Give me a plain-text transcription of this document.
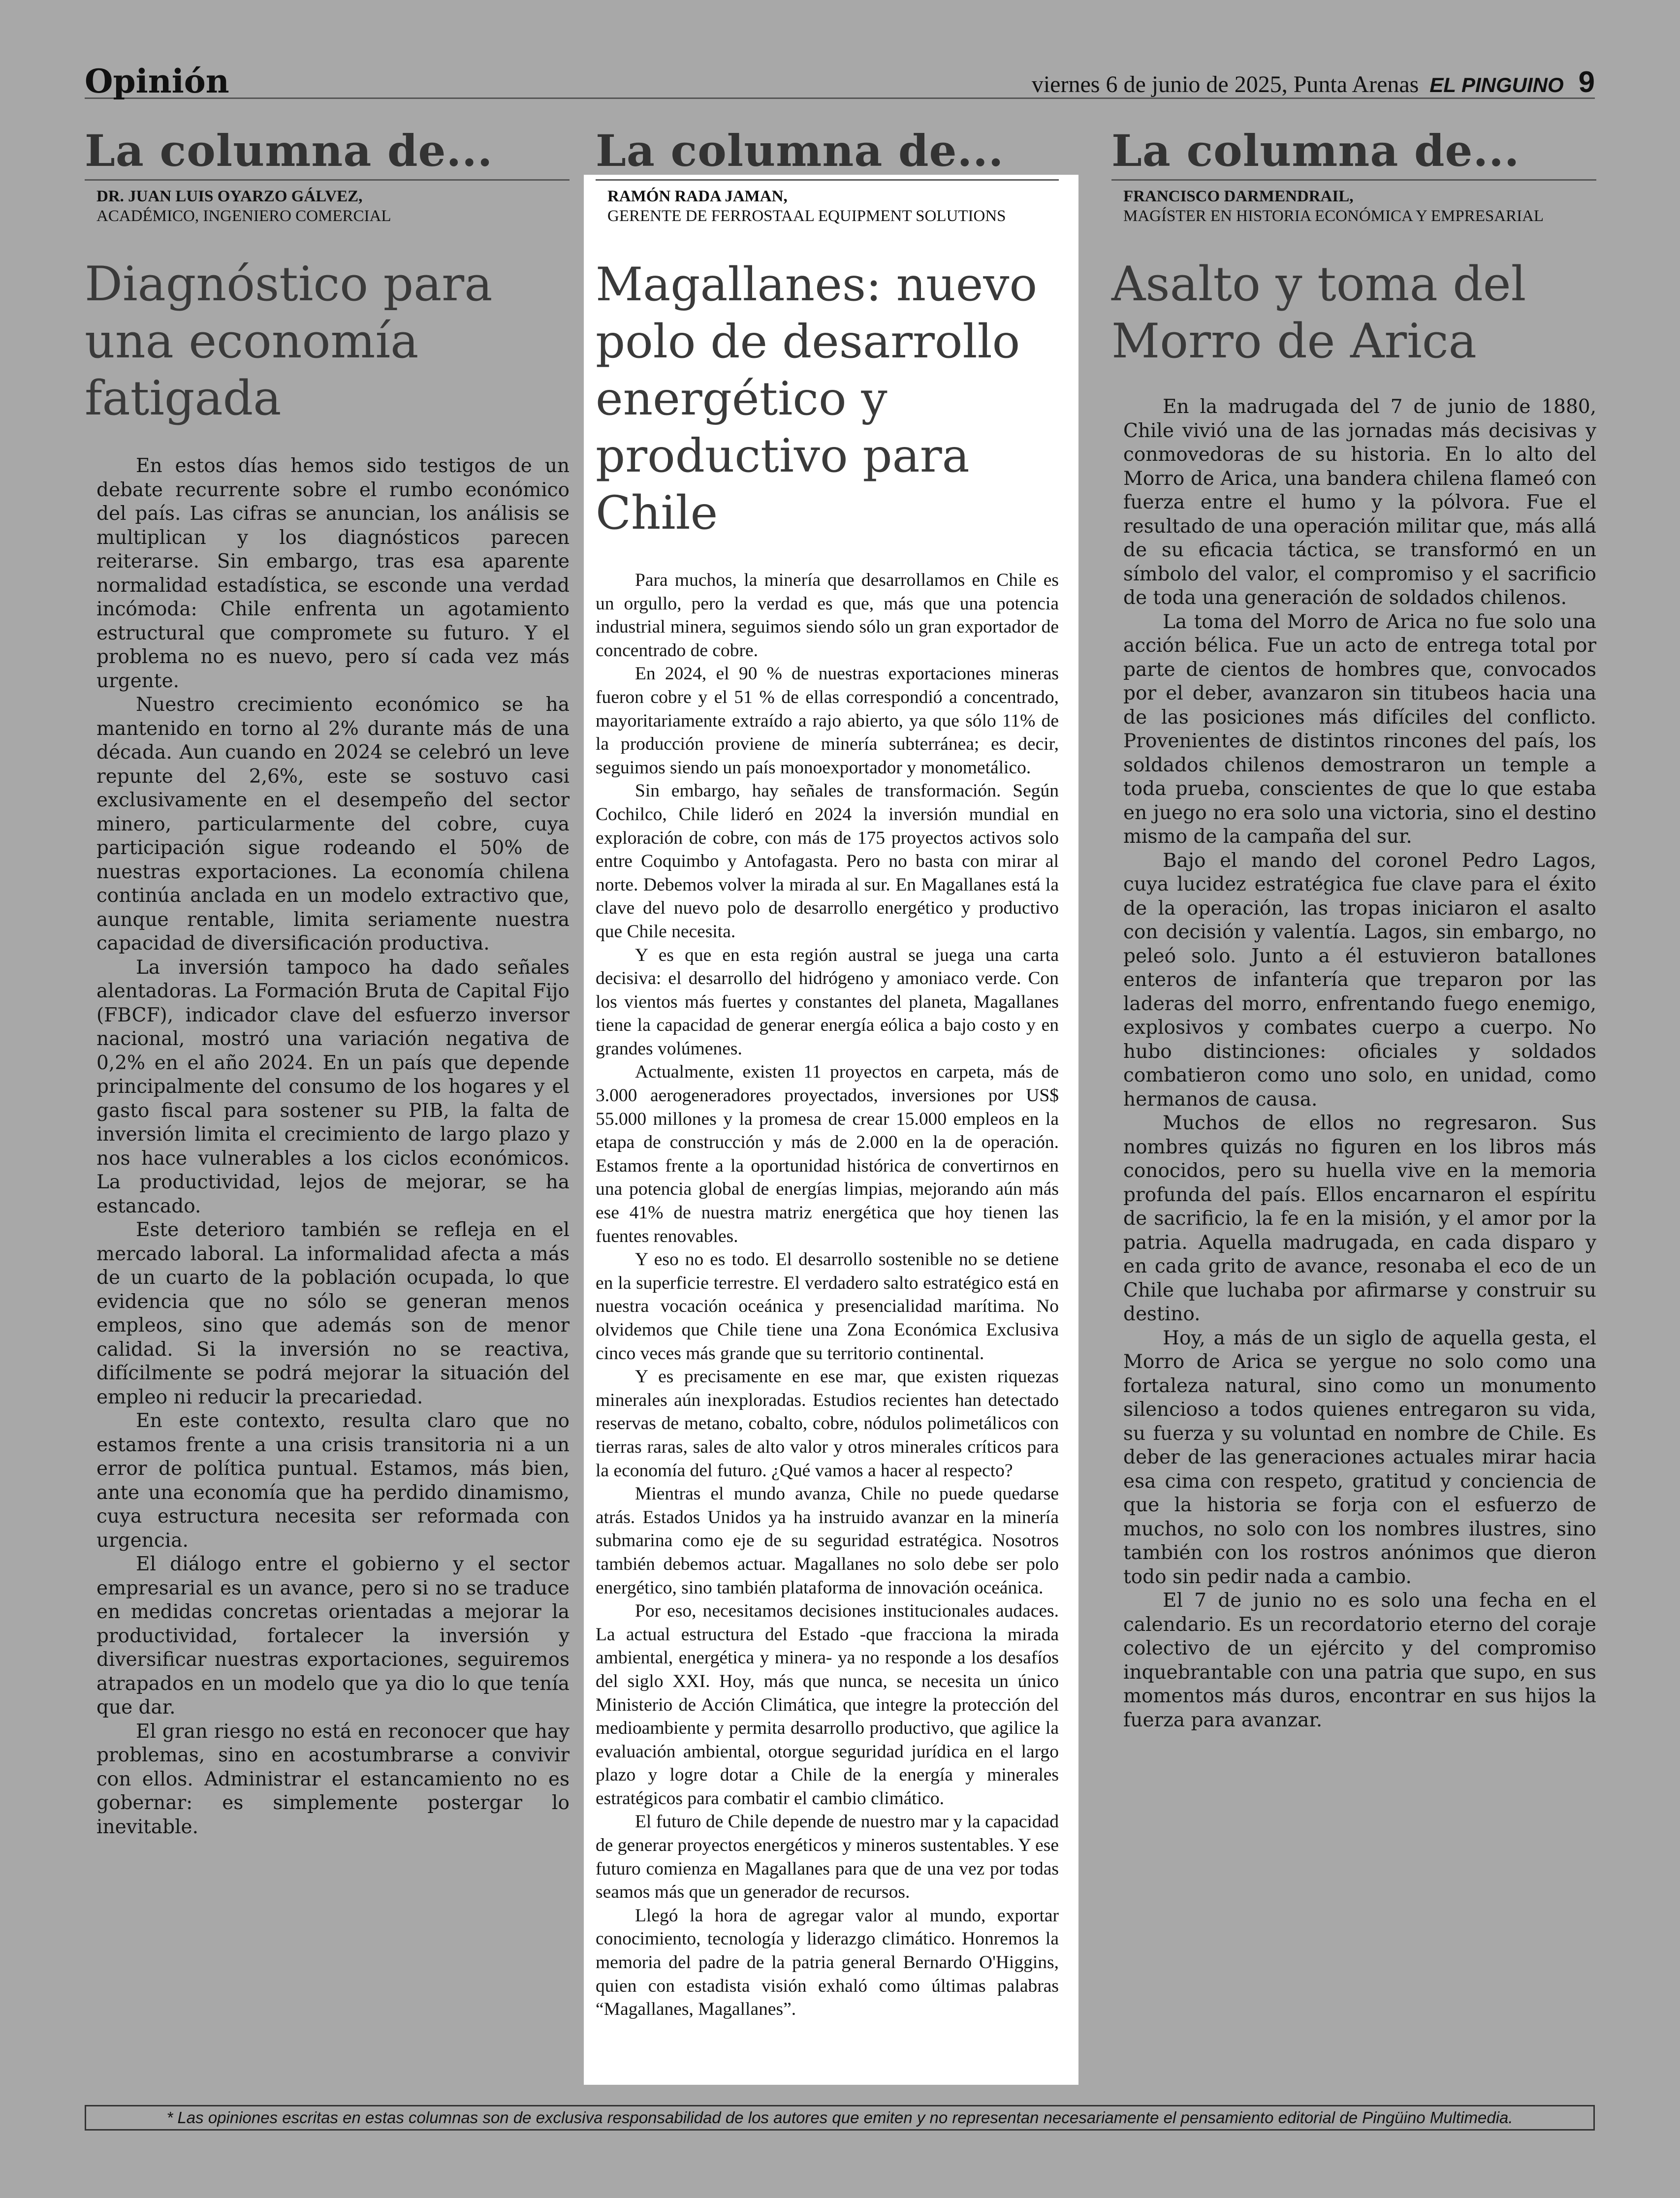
Opinión	viernes 6 de junio de 2025, Punta Arenas EL PINGUINO 9
La columna de...
DR. JUAN LUIS OYARZO GÁLVEZ,
ACADÉMICO, INGENIERO COMERCIAL
Diagnóstico para una economía fatigada

En estos días hemos sido testigos de un debate recurrente sobre el rumbo económico del país. Las cifras se anuncian, los análisis se multiplican y los diagnósticos parecen reiterarse. Sin embargo, tras esa aparente normalidad estadística, se esconde una verdad incómoda: Chile enfrenta un agotamiento estructural que compromete su futuro. Y el problema no es nuevo, pero sí cada vez más urgente.

Nuestro crecimiento económico se ha mantenido en torno al 2% durante más de una década. Aun cuando en 2024 se celebró un leve repunte del 2,6%, este se sostuvo casi exclusivamente en el desempeño del sector minero, particularmente del cobre, cuya participación sigue rodeando el 50% de nuestras exportaciones. La economía chilena continúa anclada en un modelo extractivo que, aunque rentable, limita seriamente nuestra capacidad de diversificación productiva.

La inversión tampoco ha dado señales alentadoras. La Formación Bruta de Capital Fijo (FBCF), indicador clave del esfuerzo inversor nacional, mostró una variación negativa de 0,2% en el año 2024. En un país que depende principalmente del consumo de los hogares y el gasto fiscal para sostener su PIB, la falta de inversión limita el crecimiento de largo plazo y nos hace vulnerables a los ciclos económicos. La productividad, lejos de mejorar, se ha estancado.

Este deterioro también se refleja en el mercado laboral. La informalidad afecta a más de un cuarto de la población ocupada, lo que evidencia que no sólo se generan menos empleos, sino que además son de menor calidad. Si la inversión no se reactiva, difícilmente se podrá mejorar la situación del empleo ni reducir la precariedad.

En este contexto, resulta claro que no estamos frente a una crisis transitoria ni a un error de política puntual. Estamos, más bien, ante una economía que ha perdido dinamismo, cuya estructura necesita ser reformada con urgencia.

El diálogo entre el gobierno y el sector empresarial es un avance, pero si no se traduce en medidas concretas orientadas a mejorar la productividad, fortalecer la inversión y diversificar nuestras exportaciones, seguiremos atrapados en un modelo que ya dio lo que tenía que dar.

El gran riesgo no está en reconocer que hay problemas, sino en acostumbrarse a convivir con ellos. Administrar el estancamiento no es gobernar: es simplemente postergar lo inevitable.

La columna de...
RAMÓN RADA JAMAN,
GERENTE DE FERROSTAAL EQUIPMENT SOLUTIONS
Magallanes: nuevo polo de desarrollo energético y productivo para Chile

Para muchos, la minería que desarrollamos en Chile es un orgullo, pero la verdad es que, más que una potencia industrial minera, seguimos siendo sólo un gran exportador de concentrado de cobre.

En 2024, el 90 % de nuestras exportaciones mineras fueron cobre y el 51 % de ellas correspondió a concentrado, mayoritariamente extraído a rajo abierto, ya que sólo 11% de la producción proviene de minería subterránea; es decir, seguimos siendo un país monoexportador y monometálico.

Sin embargo, hay señales de transformación. Según Cochilco, Chile lideró en 2024 la inversión mundial en exploración de cobre, con más de 175 proyectos activos solo entre Coquimbo y Antofagasta. Pero no basta con mirar al norte. Debemos volver la mirada al sur. En Magallanes está la clave del nuevo polo de desarrollo energético y productivo que Chile necesita.

Y es que en esta región austral se juega una carta decisiva: el desarrollo del hidrógeno y amoniaco verde. Con los vientos más fuertes y constantes del planeta, Magallanes tiene la capacidad de generar energía eólica a bajo costo y en grandes volúmenes.

Actualmente, existen 11 proyectos en carpeta, más de 3.000 aerogeneradores proyectados, inversiones por US$ 55.000 millones y la promesa de crear 15.000 empleos en la etapa de construcción y más de 2.000 en la de operación. Estamos frente a la oportunidad histórica de convertirnos en una potencia global de energías limpias, mejorando aún más ese 41% de nuestra matriz energética que hoy tienen las fuentes renovables.

Y eso no es todo. El desarrollo sostenible no se detiene en la superficie terrestre. El verdadero salto estratégico está en nuestra vocación oceánica y presencialidad marítima. No olvidemos que Chile tiene una Zona Económica Exclusiva cinco veces más grande que su territorio continental.

Y es precisamente en ese mar, que existen riquezas minerales aún inexploradas. Estudios recientes han detectado reservas de metano, cobalto, cobre, nódulos polimetálicos con tierras raras, sales de alto valor y otros minerales críticos para la economía del futuro. ¿Qué vamos a hacer al respecto?

Mientras el mundo avanza, Chile no puede quedarse atrás. Estados Unidos ya ha instruido avanzar en la minería submarina como eje de su seguridad estratégica. Nosotros también debemos actuar. Magallanes no solo debe ser polo energético, sino también plataforma de innovación oceánica.

Por eso, necesitamos decisiones institucionales audaces. La actual estructura del Estado -que fracciona la mirada ambiental, energética y minera- ya no responde a los desafíos del siglo XXI. Hoy, más que nunca, se necesita un único Ministerio de Acción Climática, que integre la protección del medioambiente y permita desarrollo productivo, que agilice la evaluación ambiental, otorgue seguridad jurídica en el largo plazo y logre dotar a Chile de la energía y minerales estratégicos para combatir el cambio climático.

El futuro de Chile depende de nuestro mar y la capacidad de generar proyectos energéticos y mineros sustentables. Y ese futuro comienza en Magallanes para que de una vez por todas seamos más que un generador de recursos.

Llegó la hora de agregar valor al mundo, exportar conocimiento, tecnología y liderazgo climático. Honremos la memoria del padre de la patria general Bernardo O'Higgins, quien con estadista visión exhaló como últimas palabras “Magallanes, Magallanes”.

La columna de...
FRANCISCO DARMENDRAIL,
MAGÍSTER EN HISTORIA ECONÓMICA Y EMPRESARIAL
Asalto y toma del Morro de Arica

En la madrugada del 7 de junio de 1880, Chile vivió una de las jornadas más decisivas y conmovedoras de su historia. En lo alto del Morro de Arica, una bandera chilena flameó con fuerza entre el humo y la pólvora. Fue el resultado de una operación militar que, más allá de su eficacia táctica, se transformó en un símbolo del valor, el compromiso y el sacrificio de toda una generación de soldados chilenos.

La toma del Morro de Arica no fue solo una acción bélica. Fue un acto de entrega total por parte de cientos de hombres que, convocados por el deber, avanzaron sin titubeos hacia una de las posiciones más difíciles del conflicto. Provenientes de distintos rincones del país, los soldados chilenos demostraron un temple a toda prueba, conscientes de que lo que estaba en juego no era solo una victoria, sino el destino mismo de la campaña del sur.

Bajo el mando del coronel Pedro Lagos, cuya lucidez estratégica fue clave para el éxito de la operación, las tropas iniciaron el asalto con decisión y valentía. Lagos, sin embargo, no peleó solo. Junto a él estuvieron batallones enteros de infantería que treparon por las laderas del morro, enfrentando fuego enemigo, explosivos y combates cuerpo a cuerpo. No hubo distinciones: oficiales y soldados combatieron como uno solo, en unidad, como hermanos de causa.

Muchos de ellos no regresaron. Sus nombres quizás no figuren en los libros más conocidos, pero su huella vive en la memoria profunda del país. Ellos encarnaron el espíritu de sacrificio, la fe en la misión, y el amor por la patria. Aquella madrugada, en cada disparo y en cada grito de avance, resonaba el eco de un Chile que luchaba por afirmarse y construir su destino.

Hoy, a más de un siglo de aquella gesta, el Morro de Arica se yergue no solo como una fortaleza natural, sino como un monumento silencioso a todos quienes entregaron su vida, su fuerza y su voluntad en nombre de Chile. Es deber de las generaciones actuales mirar hacia esa cima con respeto, gratitud y conciencia de que la historia se forja con el esfuerzo de muchos, no solo con los nombres ilustres, sino también con los rostros anónimos que dieron todo sin pedir nada a cambio.

El 7 de junio no es solo una fecha en el calendario. Es un recordatorio eterno del coraje colectivo de un ejército y del compromiso inquebrantable con una patria que supo, en sus momentos más duros, encontrar en sus hijos la fuerza para avanzar.

* Las opiniones escritas en estas columnas son de exclusiva responsabilidad de los autores que emiten y no representan necesariamente el pensamiento editorial de Pingüino Multimedia.
